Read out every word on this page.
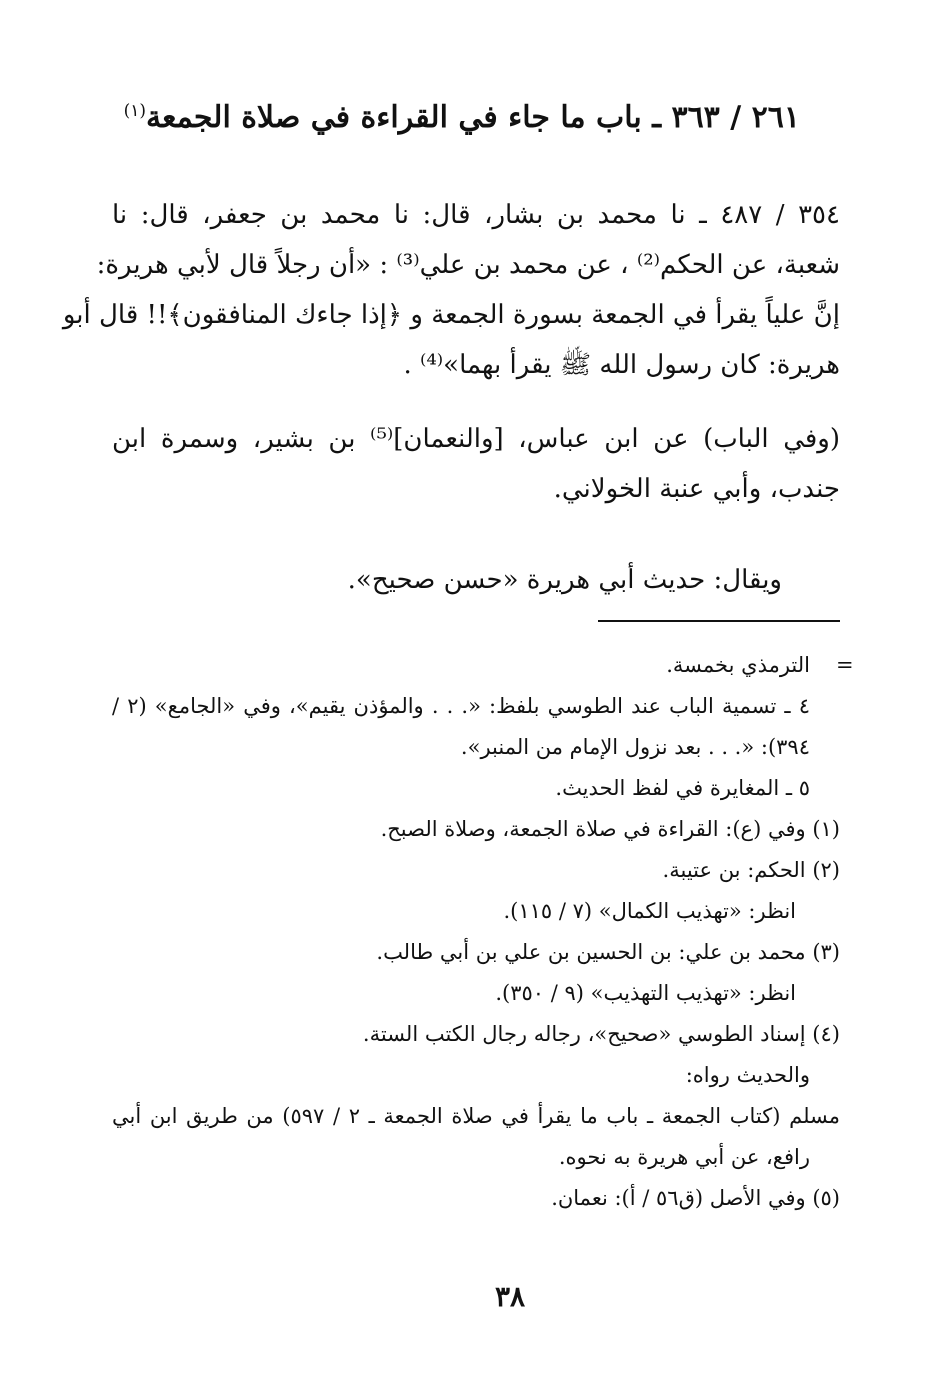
٢٦١ / ٣٦٣ ـ باب ما جاء في القراءة في صلاة الجمعة$^{(١)}$
٣٥٤ / ٤٨٧ ـ نا محمد بن بشار، قال: نا محمد بن جعفر، قال: نا
شعبة، عن الحكم⁽²⁾ ، عن محمد بن علي⁽³⁾ : «أن رجلاً قال لأبي هريرة:
إنَّ علياً يقرأ في الجمعة بسورة الجمعة و ﴿إذا جاءك المنافقون﴾!! قال أبو
هريرة: كان رسول الله ﷺ يقرأ بهما»⁽⁴⁾ .
(وفي الباب) عن ابن عباس، [والنعمان]⁽⁵⁾ بن بشير، وسمرة ابن
جندب، وأبي عنبة الخولاني.
ويقال: حديث أبي هريرة «حسن صحيح».
=
الترمذي بخمسة.
٤ ـ تسمية الباب عند الطوسي بلفظ: «. . . والمؤذن يقيم»، وفي «الجامع» (٢ /
٣٩٤): «. . . بعد نزول الإمام من المنبر».
٥ ـ المغايرة في لفظ الحديث.
(١) وفي (ع): القراءة في صلاة الجمعة، وصلاة الصبح.
(٢) الحكم: بن عتيبة.
انظر: «تهذيب الكمال» (٧ / ١١٥).
(٣) محمد بن علي: بن الحسين بن علي بن أبي طالب.
انظر: «تهذيب التهذيب» (٩ / ٣٥٠).
(٤) إسناد الطوسي «صحيح»، رجاله رجال الكتب الستة.
والحديث رواه:
مسلم (كتاب الجمعة ـ باب ما يقرأ في صلاة الجمعة ـ ٢ / ٥٩٧) من طريق ابن أبي
رافع، عن أبي هريرة به نحوه.
(٥) وفي الأصل (ق٥٦ / أ): نعمان.
٣٨
